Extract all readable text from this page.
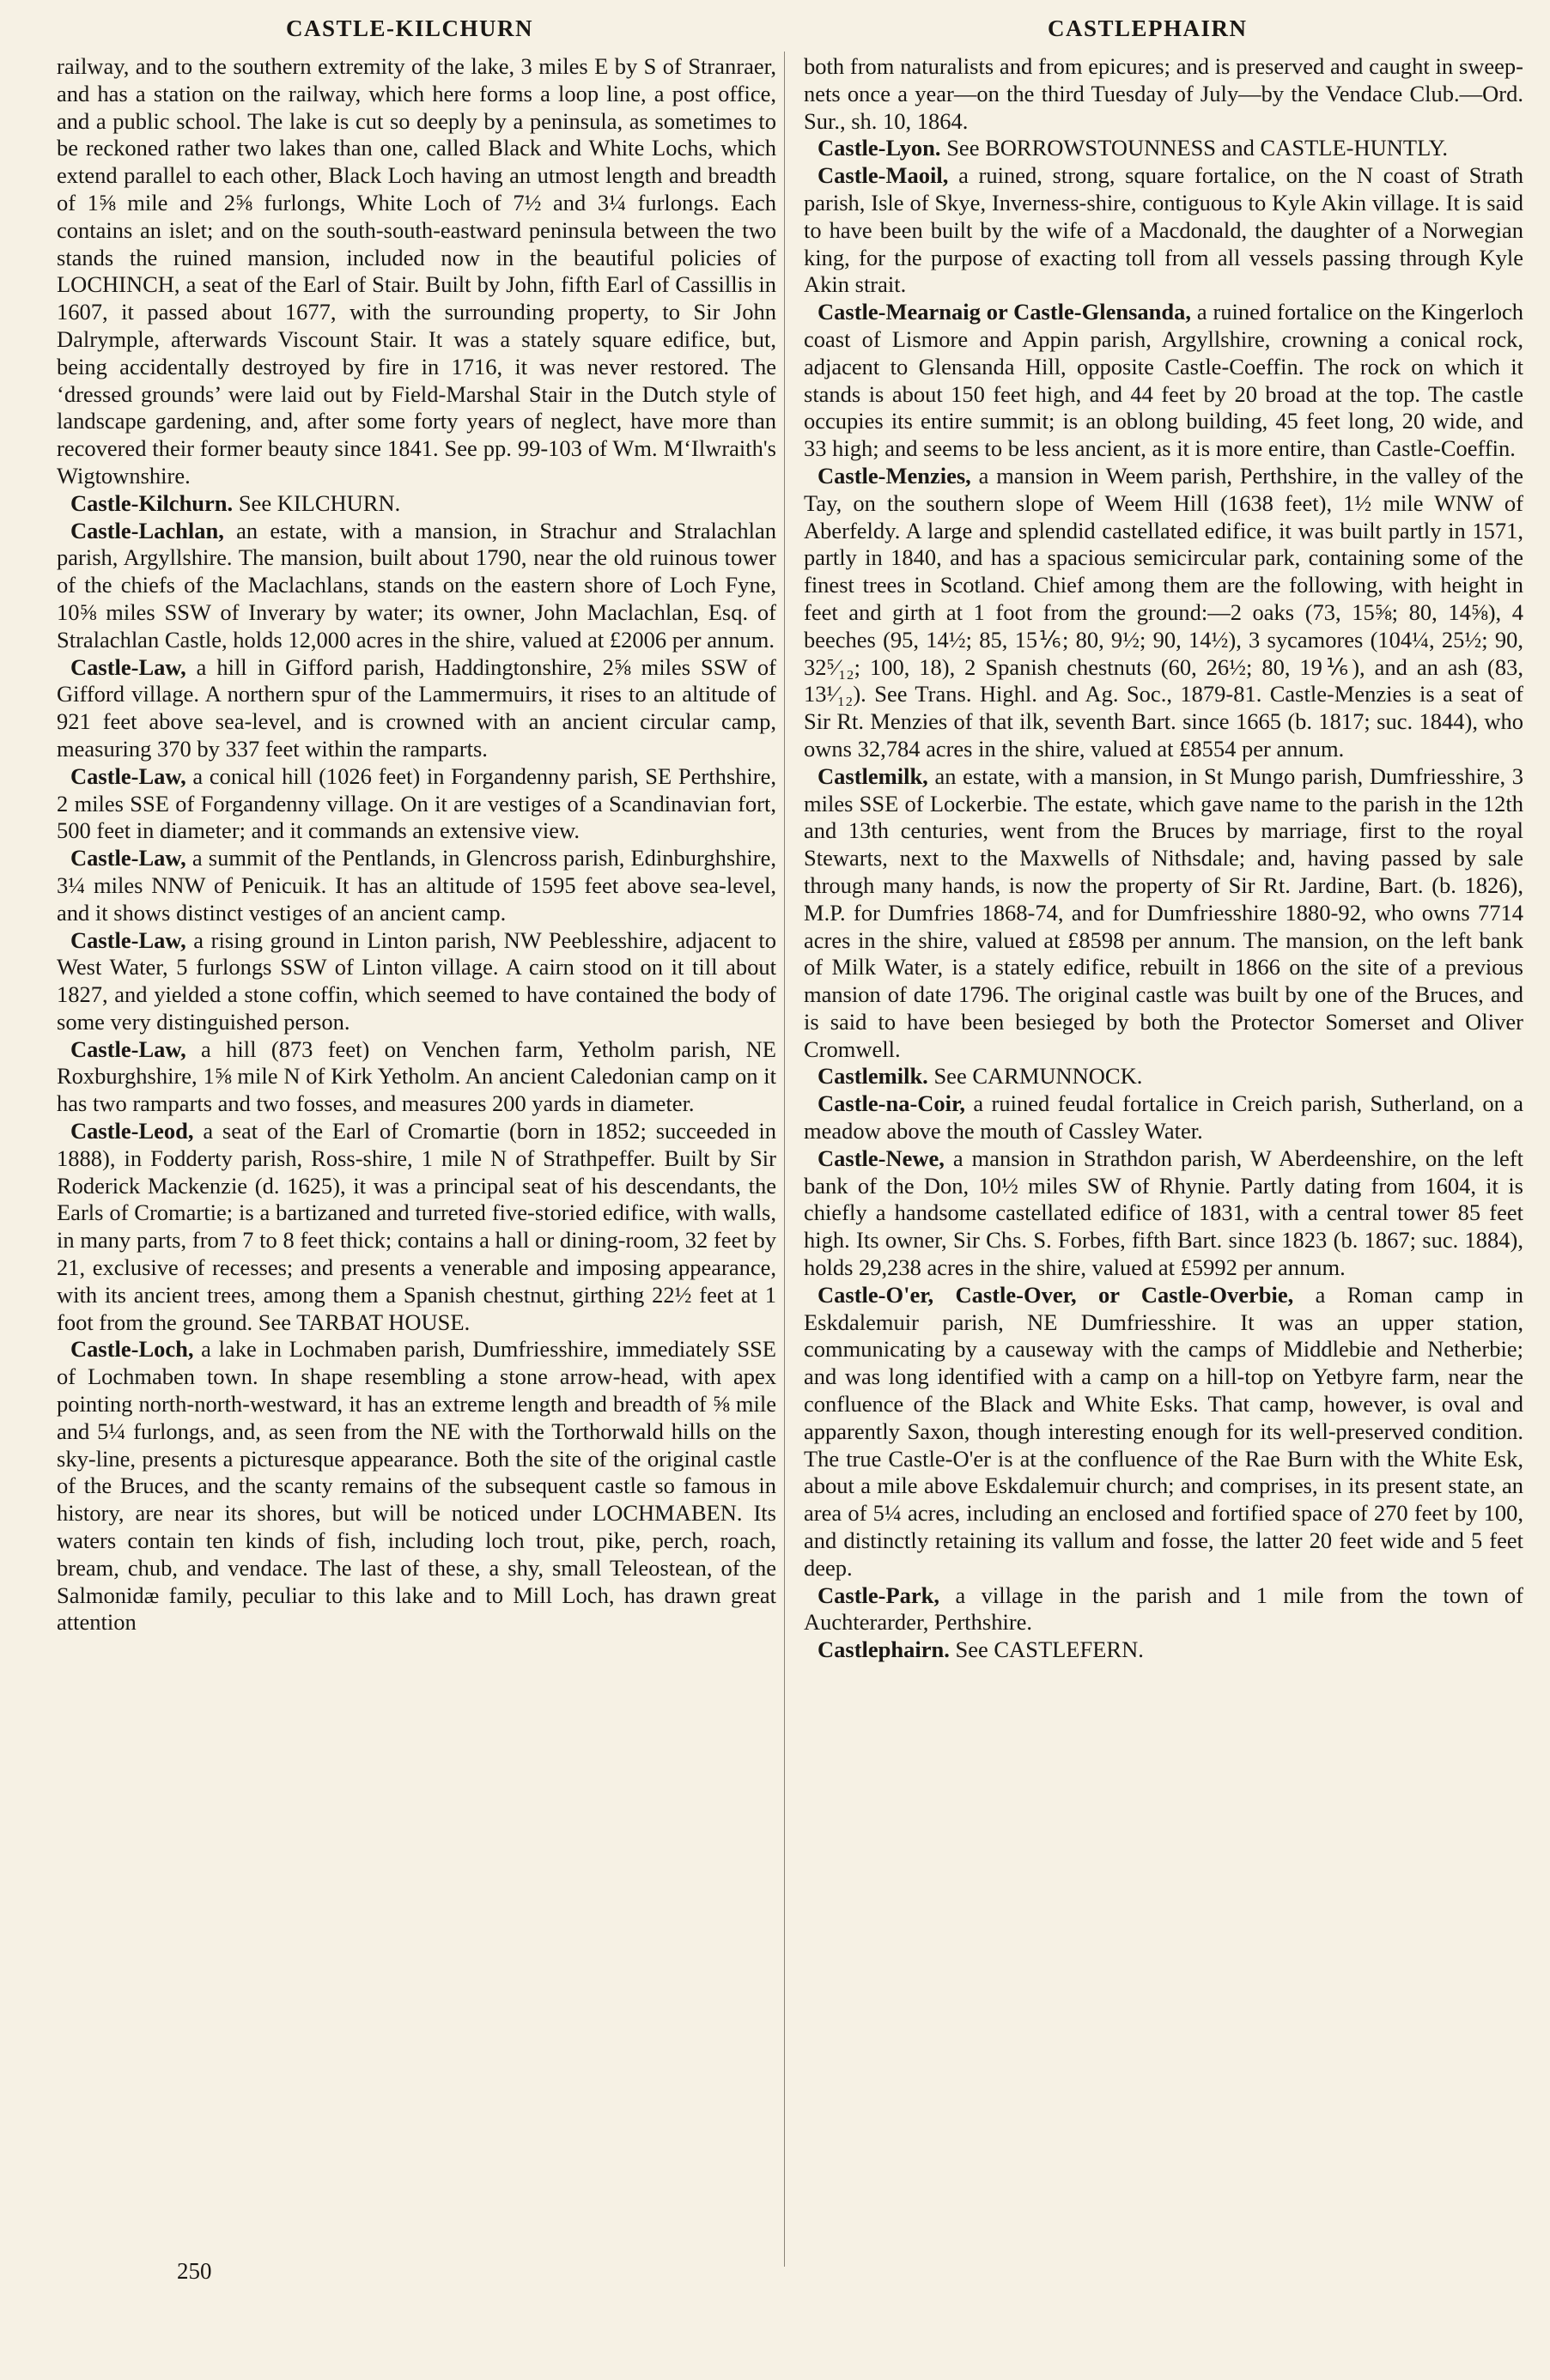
CASTLE-KILCHURN	CASTLEPHAIRN

railway, and to the southern extremity of the lake, 3 miles E by S of Stranraer, and has a station on the railway, which here forms a loop line, a post office, and a public school. The lake is cut so deeply by a peninsula, as sometimes to be reckoned rather two lakes than one, called Black and White Lochs, which extend parallel to each other, Black Loch having an utmost length and breadth of 1⅝ mile and 2⅝ furlongs, White Loch of 7½ and 3¼ furlongs. Each contains an islet; and on the south-south-eastward peninsula between the two stands the ruined mansion, included now in the beautiful policies of LOCHINCH, a seat of the Earl of Stair. Built by John, fifth Earl of Cassillis in 1607, it passed about 1677, with the surrounding property, to Sir John Dalrymple, afterwards Viscount Stair. It was a stately square edifice, but, being accidentally destroyed by fire in 1716, it was never restored. The ‘dressed grounds’ were laid out by Field-Marshal Stair in the Dutch style of landscape gardening, and, after some forty years of neglect, have more than recovered their former beauty since 1841. See pp. 99-103 of Wm. M‘Ilwraith's Wigtownshire.

Castle-Kilchurn. See KILCHURN.

Castle-Lachlan, an estate, with a mansion, in Strachur and Stralachlan parish, Argyllshire. The mansion, built about 1790, near the old ruinous tower of the chiefs of the Maclachlans, stands on the eastern shore of Loch Fyne, 10⅝ miles SSW of Inverary by water; its owner, John Maclachlan, Esq. of Stralachlan Castle, holds 12,000 acres in the shire, valued at £2006 per annum.

Castle-Law, a hill in Gifford parish, Haddingtonshire, 2⅝ miles SSW of Gifford village. A northern spur of the Lammermuirs, it rises to an altitude of 921 feet above sea-level, and is crowned with an ancient circular camp, measuring 370 by 337 feet within the ramparts.

Castle-Law, a conical hill (1026 feet) in Forgandenny parish, SE Perthshire, 2 miles SSE of Forgandenny village. On it are vestiges of a Scandinavian fort, 500 feet in diameter; and it commands an extensive view.

Castle-Law, a summit of the Pentlands, in Glencross parish, Edinburghshire, 3¼ miles NNW of Penicuik. It has an altitude of 1595 feet above sea-level, and it shows distinct vestiges of an ancient camp.

Castle-Law, a rising ground in Linton parish, NW Peeblesshire, adjacent to West Water, 5 furlongs SSW of Linton village. A cairn stood on it till about 1827, and yielded a stone coffin, which seemed to have contained the body of some very distinguished person.

Castle-Law, a hill (873 feet) on Venchen farm, Yetholm parish, NE Roxburghshire, 1⅝ mile N of Kirk Yetholm. An ancient Caledonian camp on it has two ramparts and two fosses, and measures 200 yards in diameter.

Castle-Leod, a seat of the Earl of Cromartie (born in 1852; succeeded in 1888), in Fodderty parish, Ross-shire, 1 mile N of Strathpeffer. Built by Sir Roderick Mackenzie (d. 1625), it was a principal seat of his descendants, the Earls of Cromartie; is a bartizaned and turreted five-storied edifice, with walls, in many parts, from 7 to 8 feet thick; contains a hall or dining-room, 32 feet by 21, exclusive of recesses; and presents a venerable and imposing appearance, with its ancient trees, among them a Spanish chestnut, girthing 22½ feet at 1 foot from the ground. See TARBAT HOUSE.

Castle-Loch, a lake in Lochmaben parish, Dumfriesshire, immediately SSE of Lochmaben town. In shape resembling a stone arrow-head, with apex pointing north-north-westward, it has an extreme length and breadth of ⅝ mile and 5¼ furlongs, and, as seen from the NE with the Torthorwald hills on the sky-line, presents a picturesque appearance. Both the site of the original castle of the Bruces, and the scanty remains of the subsequent castle so famous in history, are near its shores, but will be noticed under LOCHMABEN. Its waters contain ten kinds of fish, including loch trout, pike, perch, roach, bream, chub, and vendace. The last of these, a shy, small Teleostean, of the Salmonidæ family, peculiar to this lake and to Mill Loch, has drawn great attention

both from naturalists and from epicures; and is preserved and caught in sweep-nets once a year—on the third Tuesday of July—by the Vendace Club.—Ord. Sur., sh. 10, 1864.

Castle-Lyon. See BORROWSTOUNNESS and CASTLE-HUNTLY.

Castle-Maoil, a ruined, strong, square fortalice, on the N coast of Strath parish, Isle of Skye, Inverness-shire, contiguous to Kyle Akin village. It is said to have been built by the wife of a Macdonald, the daughter of a Norwegian king, for the purpose of exacting toll from all vessels passing through Kyle Akin strait.

Castle-Mearnaig or Castle-Glensanda, a ruined fortalice on the Kingerloch coast of Lismore and Appin parish, Argyllshire, crowning a conical rock, adjacent to Glensanda Hill, opposite Castle-Coeffin. The rock on which it stands is about 150 feet high, and 44 feet by 20 broad at the top. The castle occupies its entire summit; is an oblong building, 45 feet long, 20 wide, and 33 high; and seems to be less ancient, as it is more entire, than Castle-Coeffin.

Castle-Menzies, a mansion in Weem parish, Perthshire, in the valley of the Tay, on the southern slope of Weem Hill (1638 feet), 1½ mile WNW of Aberfeldy. A large and splendid castellated edifice, it was built partly in 1571, partly in 1840, and has a spacious semicircular park, containing some of the finest trees in Scotland. Chief among them are the following, with height in feet and girth at 1 foot from the ground:—2 oaks (73, 15⅝; 80, 14⅝), 4 beeches (95, 14½; 85, 15⅙; 80, 9½; 90, 14½), 3 sycamores (104¼, 25½; 90, 32⁵⁄₁₂; 100, 18), 2 Spanish chestnuts (60, 26½; 80, 19⅙), and an ash (83, 13¹⁄₁₂). See Trans. Highl. and Ag. Soc., 1879-81. Castle-Menzies is a seat of Sir Rt. Menzies of that ilk, seventh Bart. since 1665 (b. 1817; suc. 1844), who owns 32,784 acres in the shire, valued at £8554 per annum.

Castlemilk, an estate, with a mansion, in St Mungo parish, Dumfriesshire, 3 miles SSE of Lockerbie. The estate, which gave name to the parish in the 12th and 13th centuries, went from the Bruces by marriage, first to the royal Stewarts, next to the Maxwells of Nithsdale; and, having passed by sale through many hands, is now the property of Sir Rt. Jardine, Bart. (b. 1826), M.P. for Dumfries 1868-74, and for Dumfriesshire 1880-92, who owns 7714 acres in the shire, valued at £8598 per annum. The mansion, on the left bank of Milk Water, is a stately edifice, rebuilt in 1866 on the site of a previous mansion of date 1796. The original castle was built by one of the Bruces, and is said to have been besieged by both the Protector Somerset and Oliver Cromwell.

Castlemilk. See CARMUNNOCK.

Castle-na-Coir, a ruined feudal fortalice in Creich parish, Sutherland, on a meadow above the mouth of Cassley Water.

Castle-Newe, a mansion in Strathdon parish, W Aberdeenshire, on the left bank of the Don, 10½ miles SW of Rhynie. Partly dating from 1604, it is chiefly a handsome castellated edifice of 1831, with a central tower 85 feet high. Its owner, Sir Chs. S. Forbes, fifth Bart. since 1823 (b. 1867; suc. 1884), holds 29,238 acres in the shire, valued at £5992 per annum.

Castle-O'er, Castle-Over, or Castle-Overbie, a Roman camp in Eskdalemuir parish, NE Dumfriesshire. It was an upper station, communicating by a causeway with the camps of Middlebie and Netherbie; and was long identified with a camp on a hill-top on Yetbyre farm, near the confluence of the Black and White Esks. That camp, however, is oval and apparently Saxon, though interesting enough for its well-preserved condition. The true Castle-O'er is at the confluence of the Rae Burn with the White Esk, about a mile above Eskdalemuir church; and comprises, in its present state, an area of 5¼ acres, including an enclosed and fortified space of 270 feet by 100, and distinctly retaining its vallum and fosse, the latter 20 feet wide and 5 feet deep.

Castle-Park, a village in the parish and 1 mile from the town of Auchterarder, Perthshire.

Castlephairn. See CASTLEFERN.

250
